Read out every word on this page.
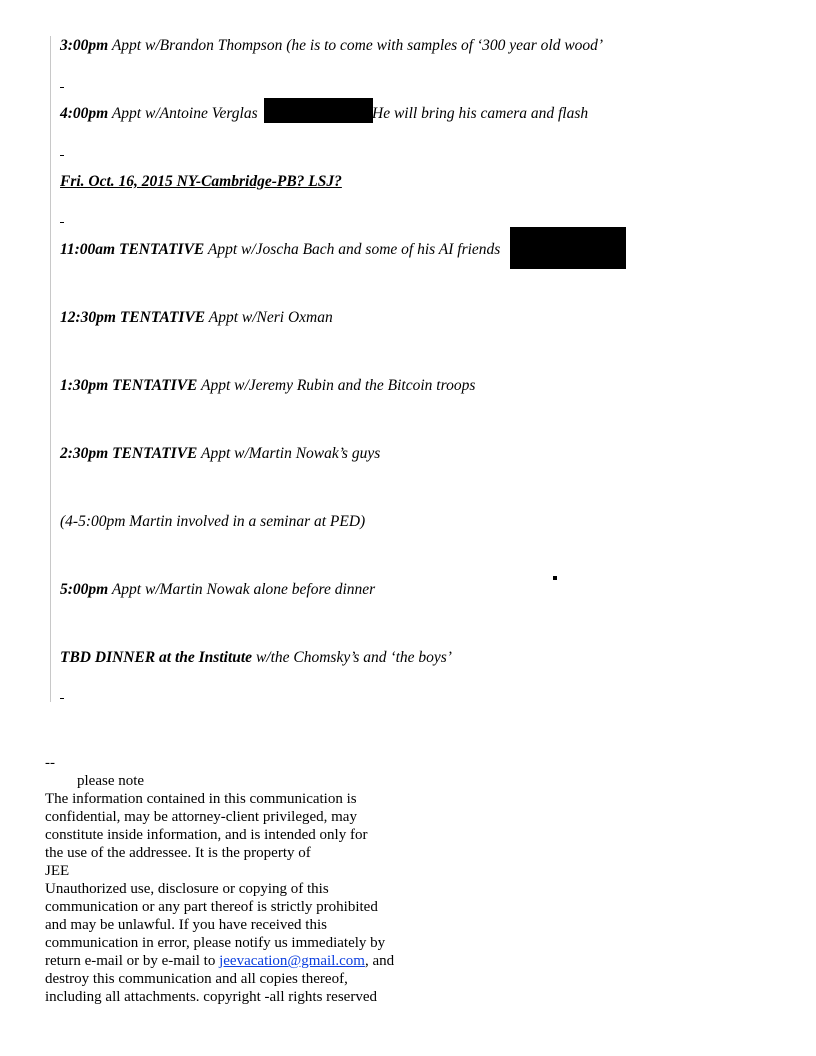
3:00pm Appt w/Brandon Thompson (he is to come with samples of ‘300 year old wood’
4:00pm Appt w/Antoine Verglas	He will bring his camera and flash
Fri. Oct. 16, 2015 NY-Cambridge-PB? LSJ?
11:00am TENTATIVE Appt w/Joscha Bach and some of his AI friends
12:30pm TENTATIVE Appt w/Neri Oxman
1:30pm TENTATIVE Appt w/Jeremy Rubin and the Bitcoin troops
2:30pm TENTATIVE Appt w/Martin Nowak’s guys
(4-5:00pm Martin involved in a seminar at PED)
5:00pm Appt w/Martin Nowak alone before dinner
TBD DINNER at the Institute w/the Chomsky’s and ‘the boys’
--
please note
The information contained in this communication is
confidential, may be attorney-client privileged, may
constitute inside information, and is intended only for
the use of the addressee. It is the property of
JEE
Unauthorized use, disclosure or copying of this
communication or any part thereof is strictly prohibited
and may be unlawful. If you have received this
communication in error, please notify us immediately by
return e-mail or by e-mail to jeevacation@gmail.com, and
destroy this communication and all copies thereof,
including all attachments. copyright -all rights reserved
